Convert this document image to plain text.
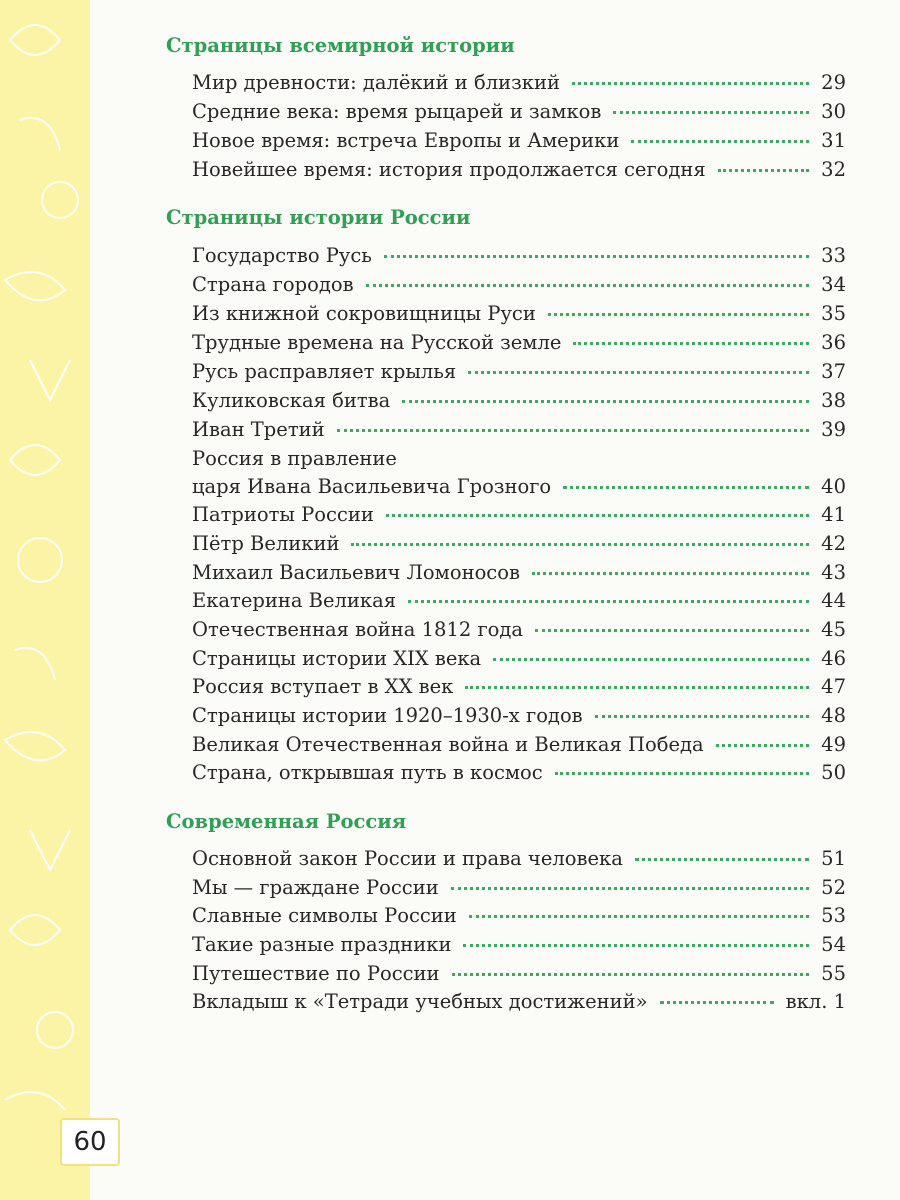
60
Страницы всемирной истории
Мир древности: далёкий и близкий	29
Средние века: время рыцарей и замков	30
Новое время: встреча Европы и Америки	31
Новейшее время: история продолжается сегодня	32
Страницы истории России
Государство Русь	33
Страна городов	34
Из книжной сокровищницы Руси	35
Трудные времена на Русской земле	36
Русь расправляет крылья	37
Куликовская битва	38
Иван Третий	39
Россия в правление
царя Ивана Васильевича Грозного	40
Патриоты России	41
Пётр Великий	42
Михаил Васильевич Ломоносов	43
Екатерина Великая	44
Отечественная война 1812 года	45
Страницы истории XIX века	46
Россия вступает в XX век	47
Страницы истории 1920–1930-х годов	48
Великая Отечественная война и Великая Победа	49
Страна, открывшая путь в космос	50
Современная Россия
Основной закон России и права человека	51
Мы — граждане России	52
Славные символы России	53
Такие разные праздники	54
Путешествие по России	55
Вкладыш к «Тетради учебных достижений»	вкл. 1
